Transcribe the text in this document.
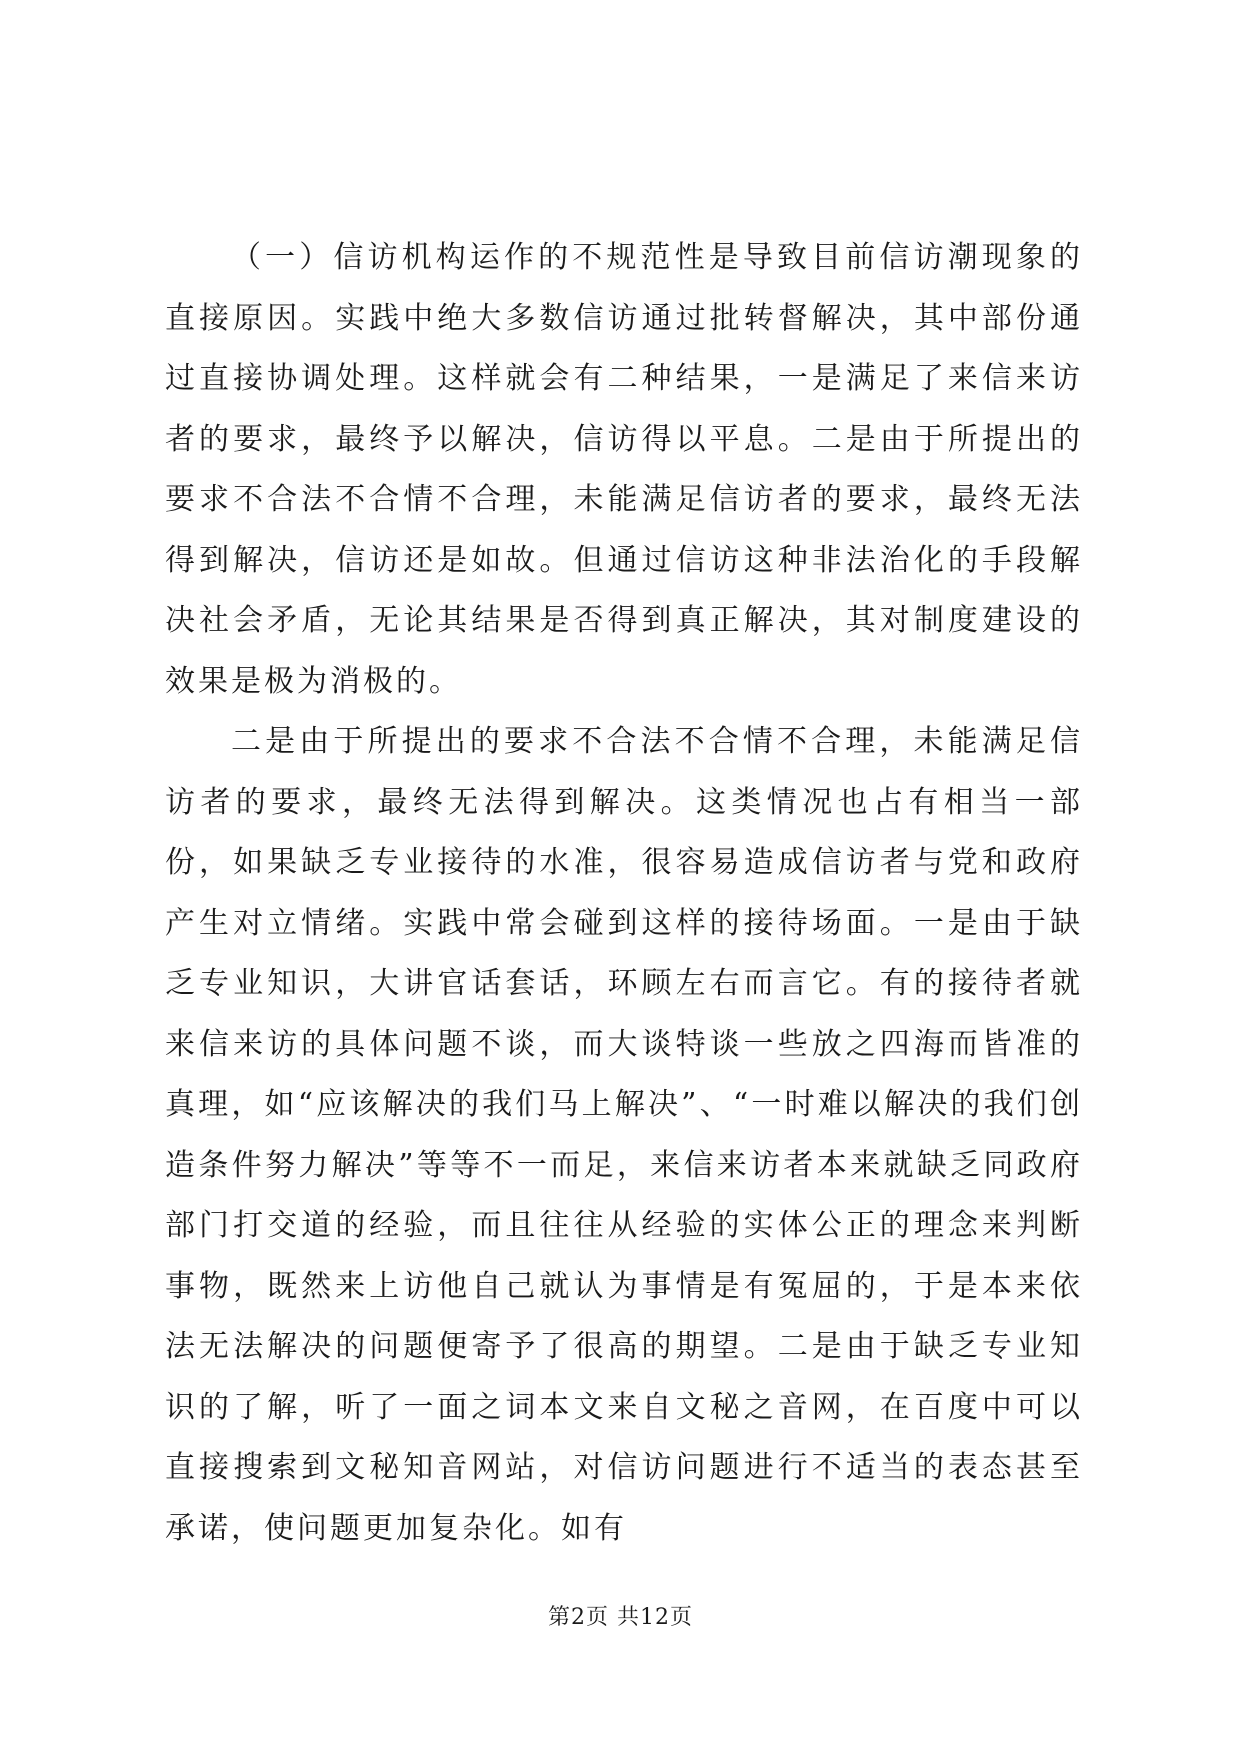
（一）信访机构运作的不规范性是导致目前信访潮现象的直接原因。实践中绝大多数信访通过批转督解决，其中部份通过直接协调处理。这样就会有二种结果，一是满足了来信来访者的要求，最终予以解决，信访得以平息。二是由于所提出的要求不合法不合情不合理，未能满足信访者的要求，最终无法得到解决，信访还是如故。但通过信访这种非法治化的手段解决社会矛盾，无论其结果是否得到真正解决，其对制度建设的效果是极为消极的。

二是由于所提出的要求不合法不合情不合理，未能满足信访者的要求，最终无法得到解决。这类情况也占有相当一部份，如果缺乏专业接待的水准，很容易造成信访者与党和政府产生对立情绪。实践中常会碰到这样的接待场面。一是由于缺乏专业知识，大讲官话套话，环顾左右而言它。有的接待者就来信来访的具体问题不谈，而大谈特谈一些放之四海而皆准的真理，如“应该解决的我们马上解决”、“一时难以解决的我们创造条件努力解决”等等不一而足，来信来访者本来就缺乏同政府部门打交道的经验，而且往往从经验的实体公正的理念来判断事物，既然来上访他自己就认为事情是有冤屈的，于是本来依法无法解决的问题便寄予了很高的期望。二是由于缺乏专业知识的了解，听了一面之词本文来自文秘之音网，在百度中可以直接搜索到文秘知音网站，对信访问题进行不适当的表态甚至承诺，使问题更加复杂化。如有

第2页 共12页
